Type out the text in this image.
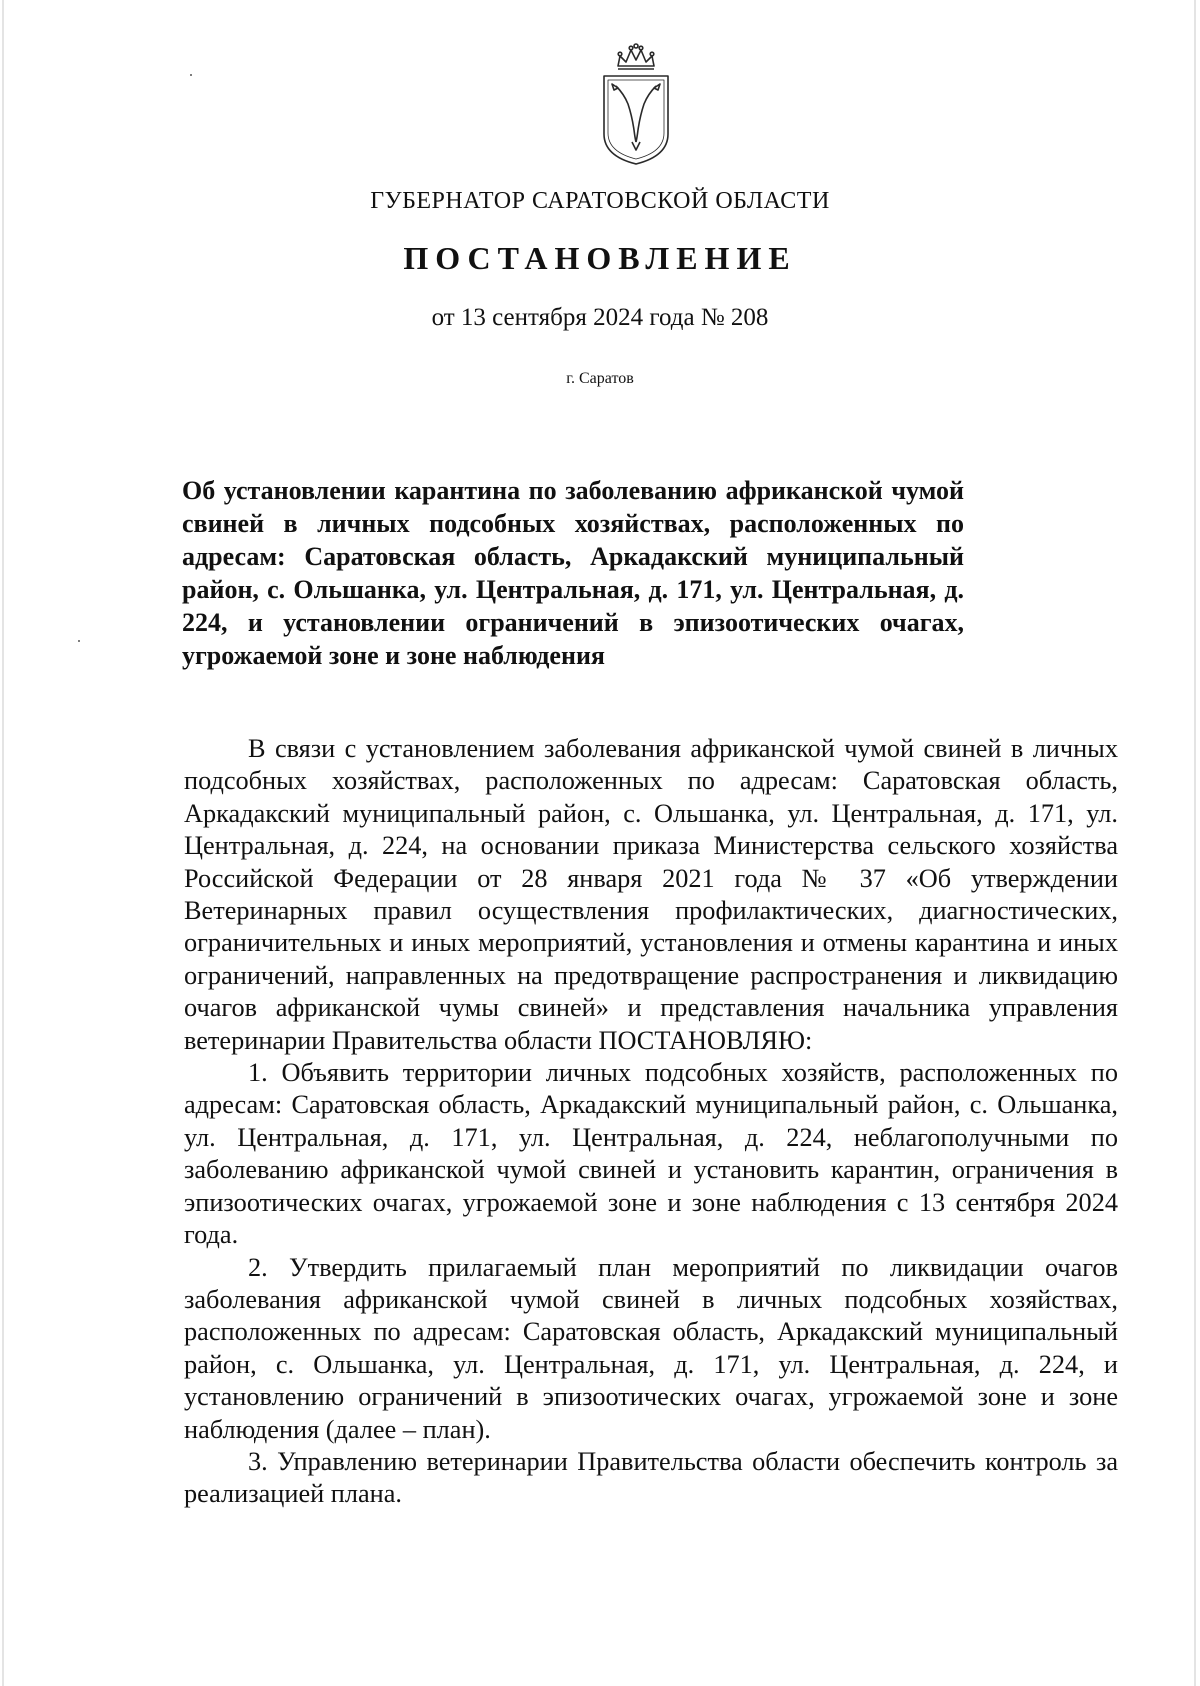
ГУБЕРНАТОР САРАТОВСКОЙ ОБЛАСТИ
ПОСТАНОВЛЕНИЕ
от 13 сентября 2024 года № 208
г. Саратов

Об установлении карантина по заболеванию африканской чумой свиней в личных подсобных хозяйствах, расположенных по адресам: Саратовская область, Аркадакский муниципальный район, с. Ольшанка, ул. Центральная, д. 171, ул. Центральная, д. 224, и установлении ограничений в эпизоотических очагах, угрожаемой зоне и зоне наблюдения

В связи с установлением заболевания африканской чумой свиней в личных подсобных хозяйствах, расположенных по адресам: Саратовская область, Аркадакский муниципальный район, с. Ольшанка, ул. Центральная, д. 171, ул. Центральная, д. 224, на основании приказа Министерства сельского хозяйства Российской Федерации от 28 января 2021 года № 37 «Об утверждении Ветеринарных правил осуществления профилактических, диагностических, ограничительных и иных мероприятий, установления и отмены карантина и иных ограничений, направленных на предотвращение распространения и ликвидацию очагов африканской чумы свиней» и представления начальника управления ветеринарии Правительства области ПОСТАНОВЛЯЮ:

1. Объявить территории личных подсобных хозяйств, расположенных по адресам: Саратовская область, Аркадакский муниципальный район, с. Ольшанка, ул. Центральная, д. 171, ул. Центральная, д. 224, неблагополучными по заболеванию африканской чумой свиней и установить карантин, ограничения в эпизоотических очагах, угрожаемой зоне и зоне наблюдения с 13 сентября 2024 года.

2. Утвердить прилагаемый план мероприятий по ликвидации очагов заболевания африканской чумой свиней в личных подсобных хозяйствах, расположенных по адресам: Саратовская область, Аркадакский муниципальный район, с. Ольшанка, ул. Центральная, д. 171, ул. Центральная, д. 224, и установлению ограничений в эпизоотических очагах, угрожаемой зоне и зоне наблюдения (далее – план).

3. Управлению ветеринарии Правительства области обеспечить контроль за реализацией плана.
